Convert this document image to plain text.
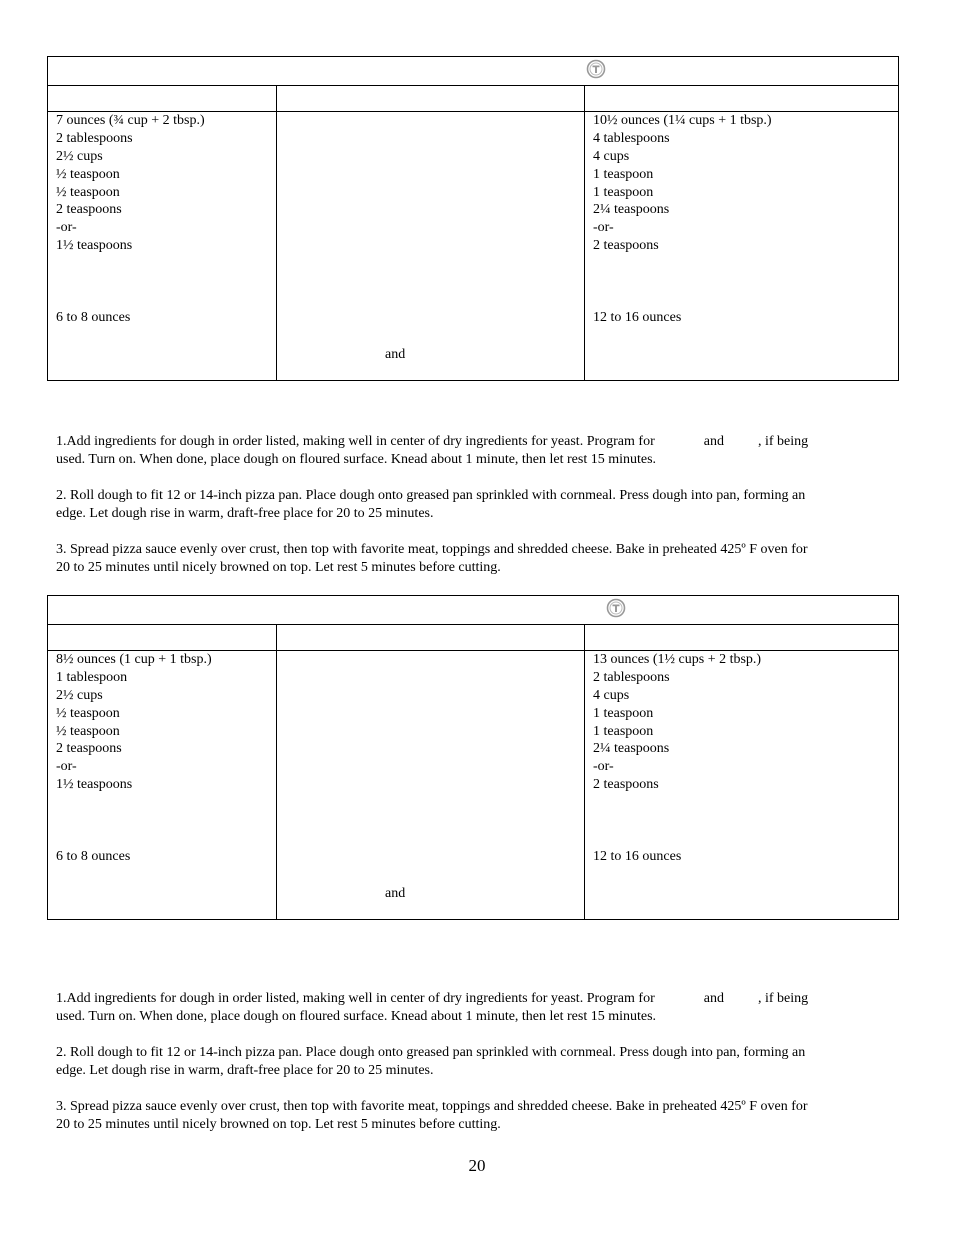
7 ounces (¾ cup + 2 tbsp.)
2 tablespoons
2½ cups
½ teaspoon
½ teaspoon
2 teaspoons
-or-
1½ teaspoons
6 to 8 ounces
and
10½ ounces (1¼ cups + 1 tbsp.)
4 tablespoons
4 cups
1 teaspoon
1 teaspoon
2¼ teaspoons
-or-
2 teaspoons
12 to 16 ounces
1.Add ingredients for dough in order listed, making well in center of dry ingredients for yeast. Program for	and , if being
used. Turn on. When done, place dough on floured surface. Knead about 1 minute, then let rest 15 minutes.
2. Roll dough to fit 12 or 14-inch pizza pan. Place dough onto greased pan sprinkled with cornmeal. Press dough into pan, forming an
edge. Let dough rise in warm, draft-free place for 20 to 25 minutes.
3. Spread pizza sauce evenly over crust, then top with favorite meat, toppings and shredded cheese. Bake in preheated 425º F oven for
20 to 25 minutes until nicely browned on top. Let rest 5 minutes before cutting.
8½ ounces (1 cup + 1 tbsp.)
1 tablespoon
2½ cups
½ teaspoon
½ teaspoon
2 teaspoons
-or-
1½ teaspoons
6 to 8 ounces
and
13 ounces (1½ cups + 2 tbsp.)
2 tablespoons
4 cups
1 teaspoon
1 teaspoon
2¼ teaspoons
-or-
2 teaspoons
12 to 16 ounces
1.Add ingredients for dough in order listed, making well in center of dry ingredients for yeast. Program for	and , if being
used. Turn on. When done, place dough on floured surface. Knead about 1 minute, then let rest 15 minutes.
2. Roll dough to fit 12 or 14-inch pizza pan. Place dough onto greased pan sprinkled with cornmeal. Press dough into pan, forming an
edge. Let dough rise in warm, draft-free place for 20 to 25 minutes.
3. Spread pizza sauce evenly over crust, then top with favorite meat, toppings and shredded cheese. Bake in preheated 425º F oven for
20 to 25 minutes until nicely browned on top. Let rest 5 minutes before cutting.
20
